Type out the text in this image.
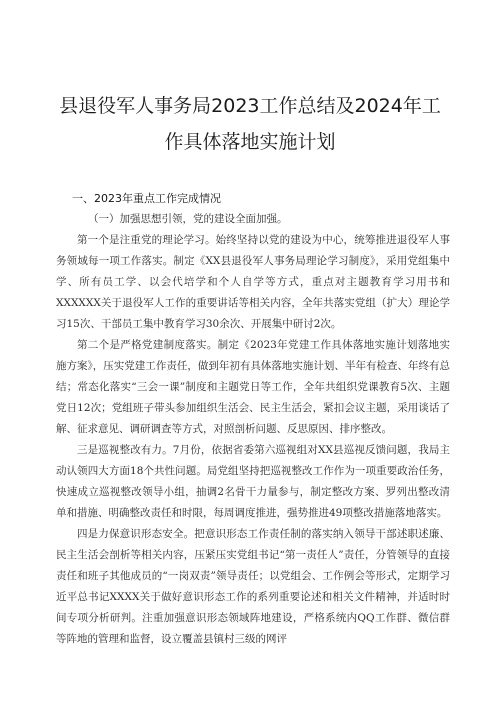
县退役军人事务局2023工作总结及2024年工
作具体落地实施计划

一、2023年重点工作完成情况

（一）加强思想引领，党的建设全面加强。

第一个是注重党的理论学习。始终坚持以党的建设为中心，统筹推进退役军人事务领域每一项工作落实。制定《XX县退役军人事务局理论学习制度》，采用党组集中学、所有员工学、以会代培学和个人自学等方式，重点对主题教育学习用书和XXXXXX关于退役军人工作的重要讲话等相关内容，全年共落实党组（扩大）理论学习15次、干部员工集中教育学习30余次、开展集中研讨2次。

第二个是严格党建制度落实。制定《2023年党建工作具体落地实施计划落地实施方案》，压实党建工作责任，做到年初有具体落地实施计划、半年有检查、年终有总结；常态化落实“三会一课”制度和主题党日等工作，全年共组织党课教育5次、主题党日12次；党组班子带头参加组织生活会、民主生活会，紧扣会议主题，采用谈话了解、征求意见、调研调查等方式，对照剖析问题、反思原因、排序整改。

三是巡视整改有力。7月份，依据省委第六巡视组对XX县巡视反馈问题，我局主动认领四大方面18个共性问题。局党组坚持把巡视整改工作作为一项重要政治任务，快速成立巡视整改领导小组，抽调2名骨干力量参与，制定整改方案、罗列出整改清单和措施、明确整改责任和时限，每周调度推进，强势推进49项整改措施落地落实。

四是力保意识形态安全。把意识形态工作责任制的落实纳入领导干部述职述廉、民主生活会剖析等相关内容，压紧压实党组书记“第一责任人”责任，分管领导的直接责任和班子其他成员的“一岗双责”领导责任；以党组会、工作例会等形式，定期学习近平总书记XXXX关于做好意识形态工作的系列重要论述和相关文件精神，并适时时间专项分析研判。注重加强意识形态领域阵地建设，严格系统内QQ工作群、微信群等阵地的管理和监督，设立覆盖县镇村三级的网评
